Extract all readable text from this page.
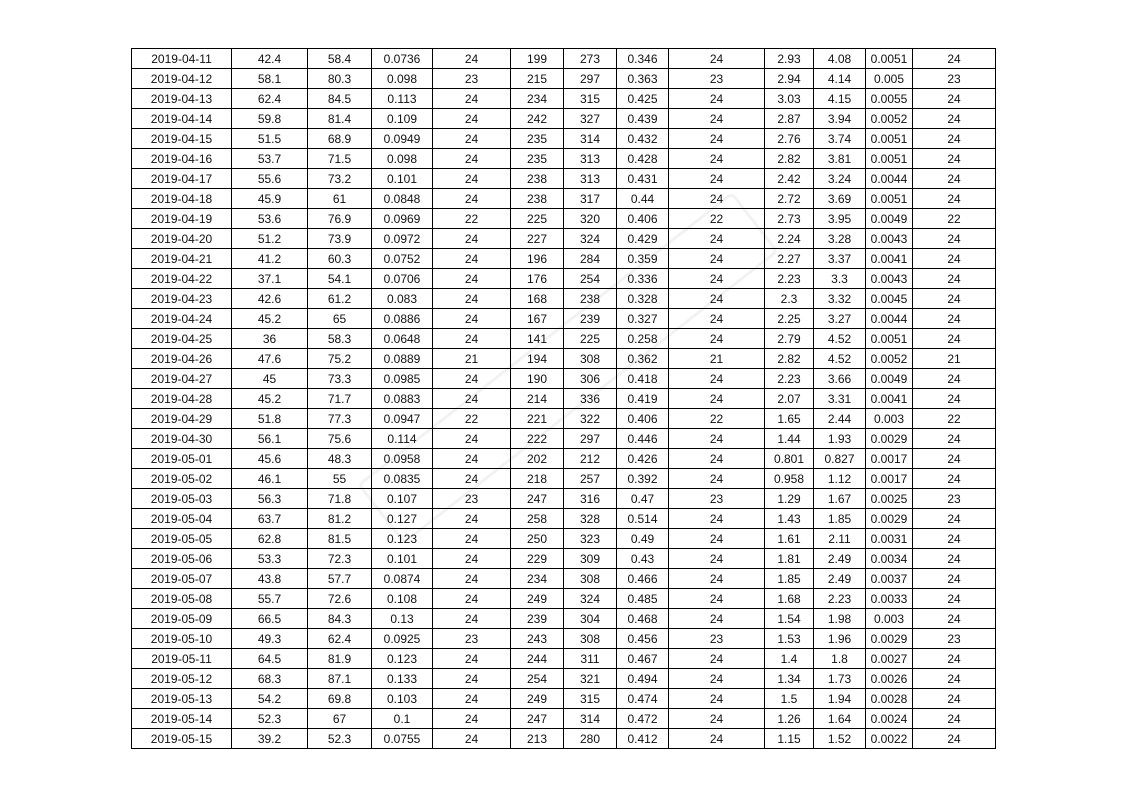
2019-04-11	42.4	58.4	0.0736	24	199	273	0.346	24	2.93	4.08	0.0051	24
2019-04-12	58.1	80.3	0.098	23	215	297	0.363	23	2.94	4.14	0.005	23
2019-04-13	62.4	84.5	0.113	24	234	315	0.425	24	3.03	4.15	0.0055	24
2019-04-14	59.8	81.4	0.109	24	242	327	0.439	24	2.87	3.94	0.0052	24
2019-04-15	51.5	68.9	0.0949	24	235	314	0.432	24	2.76	3.74	0.0051	24
2019-04-16	53.7	71.5	0.098	24	235	313	0.428	24	2.82	3.81	0.0051	24
2019-04-17	55.6	73.2	0.101	24	238	313	0.431	24	2.42	3.24	0.0044	24
2019-04-18	45.9	61	0.0848	24	238	317	0.44	24	2.72	3.69	0.0051	24
2019-04-19	53.6	76.9	0.0969	22	225	320	0.406	22	2.73	3.95	0.0049	22
2019-04-20	51.2	73.9	0.0972	24	227	324	0.429	24	2.24	3.28	0.0043	24
2019-04-21	41.2	60.3	0.0752	24	196	284	0.359	24	2.27	3.37	0.0041	24
2019-04-22	37.1	54.1	0.0706	24	176	254	0.336	24	2.23	3.3	0.0043	24
2019-04-23	42.6	61.2	0.083	24	168	238	0.328	24	2.3	3.32	0.0045	24
2019-04-24	45.2	65	0.0886	24	167	239	0.327	24	2.25	3.27	0.0044	24
2019-04-25	36	58.3	0.0648	24	141	225	0.258	24	2.79	4.52	0.0051	24
2019-04-26	47.6	75.2	0.0889	21	194	308	0.362	21	2.82	4.52	0.0052	21
2019-04-27	45	73.3	0.0985	24	190	306	0.418	24	2.23	3.66	0.0049	24
2019-04-28	45.2	71.7	0.0883	24	214	336	0.419	24	2.07	3.31	0.0041	24
2019-04-29	51.8	77.3	0.0947	22	221	322	0.406	22	1.65	2.44	0.003	22
2019-04-30	56.1	75.6	0.114	24	222	297	0.446	24	1.44	1.93	0.0029	24
2019-05-01	45.6	48.3	0.0958	24	202	212	0.426	24	0.801	0.827	0.0017	24
2019-05-02	46.1	55	0.0835	24	218	257	0.392	24	0.958	1.12	0.0017	24
2019-05-03	56.3	71.8	0.107	23	247	316	0.47	23	1.29	1.67	0.0025	23
2019-05-04	63.7	81.2	0.127	24	258	328	0.514	24	1.43	1.85	0.0029	24
2019-05-05	62.8	81.5	0.123	24	250	323	0.49	24	1.61	2.11	0.0031	24
2019-05-06	53.3	72.3	0.101	24	229	309	0.43	24	1.81	2.49	0.0034	24
2019-05-07	43.8	57.7	0.0874	24	234	308	0.466	24	1.85	2.49	0.0037	24
2019-05-08	55.7	72.6	0.108	24	249	324	0.485	24	1.68	2.23	0.0033	24
2019-05-09	66.5	84.3	0.13	24	239	304	0.468	24	1.54	1.98	0.003	24
2019-05-10	49.3	62.4	0.0925	23	243	308	0.456	23	1.53	1.96	0.0029	23
2019-05-11	64.5	81.9	0.123	24	244	311	0.467	24	1.4	1.8	0.0027	24
2019-05-12	68.3	87.1	0.133	24	254	321	0.494	24	1.34	1.73	0.0026	24
2019-05-13	54.2	69.8	0.103	24	249	315	0.474	24	1.5	1.94	0.0028	24
2019-05-14	52.3	67	0.1	24	247	314	0.472	24	1.26	1.64	0.0024	24
2019-05-15	39.2	52.3	0.0755	24	213	280	0.412	24	1.15	1.52	0.0022	24
